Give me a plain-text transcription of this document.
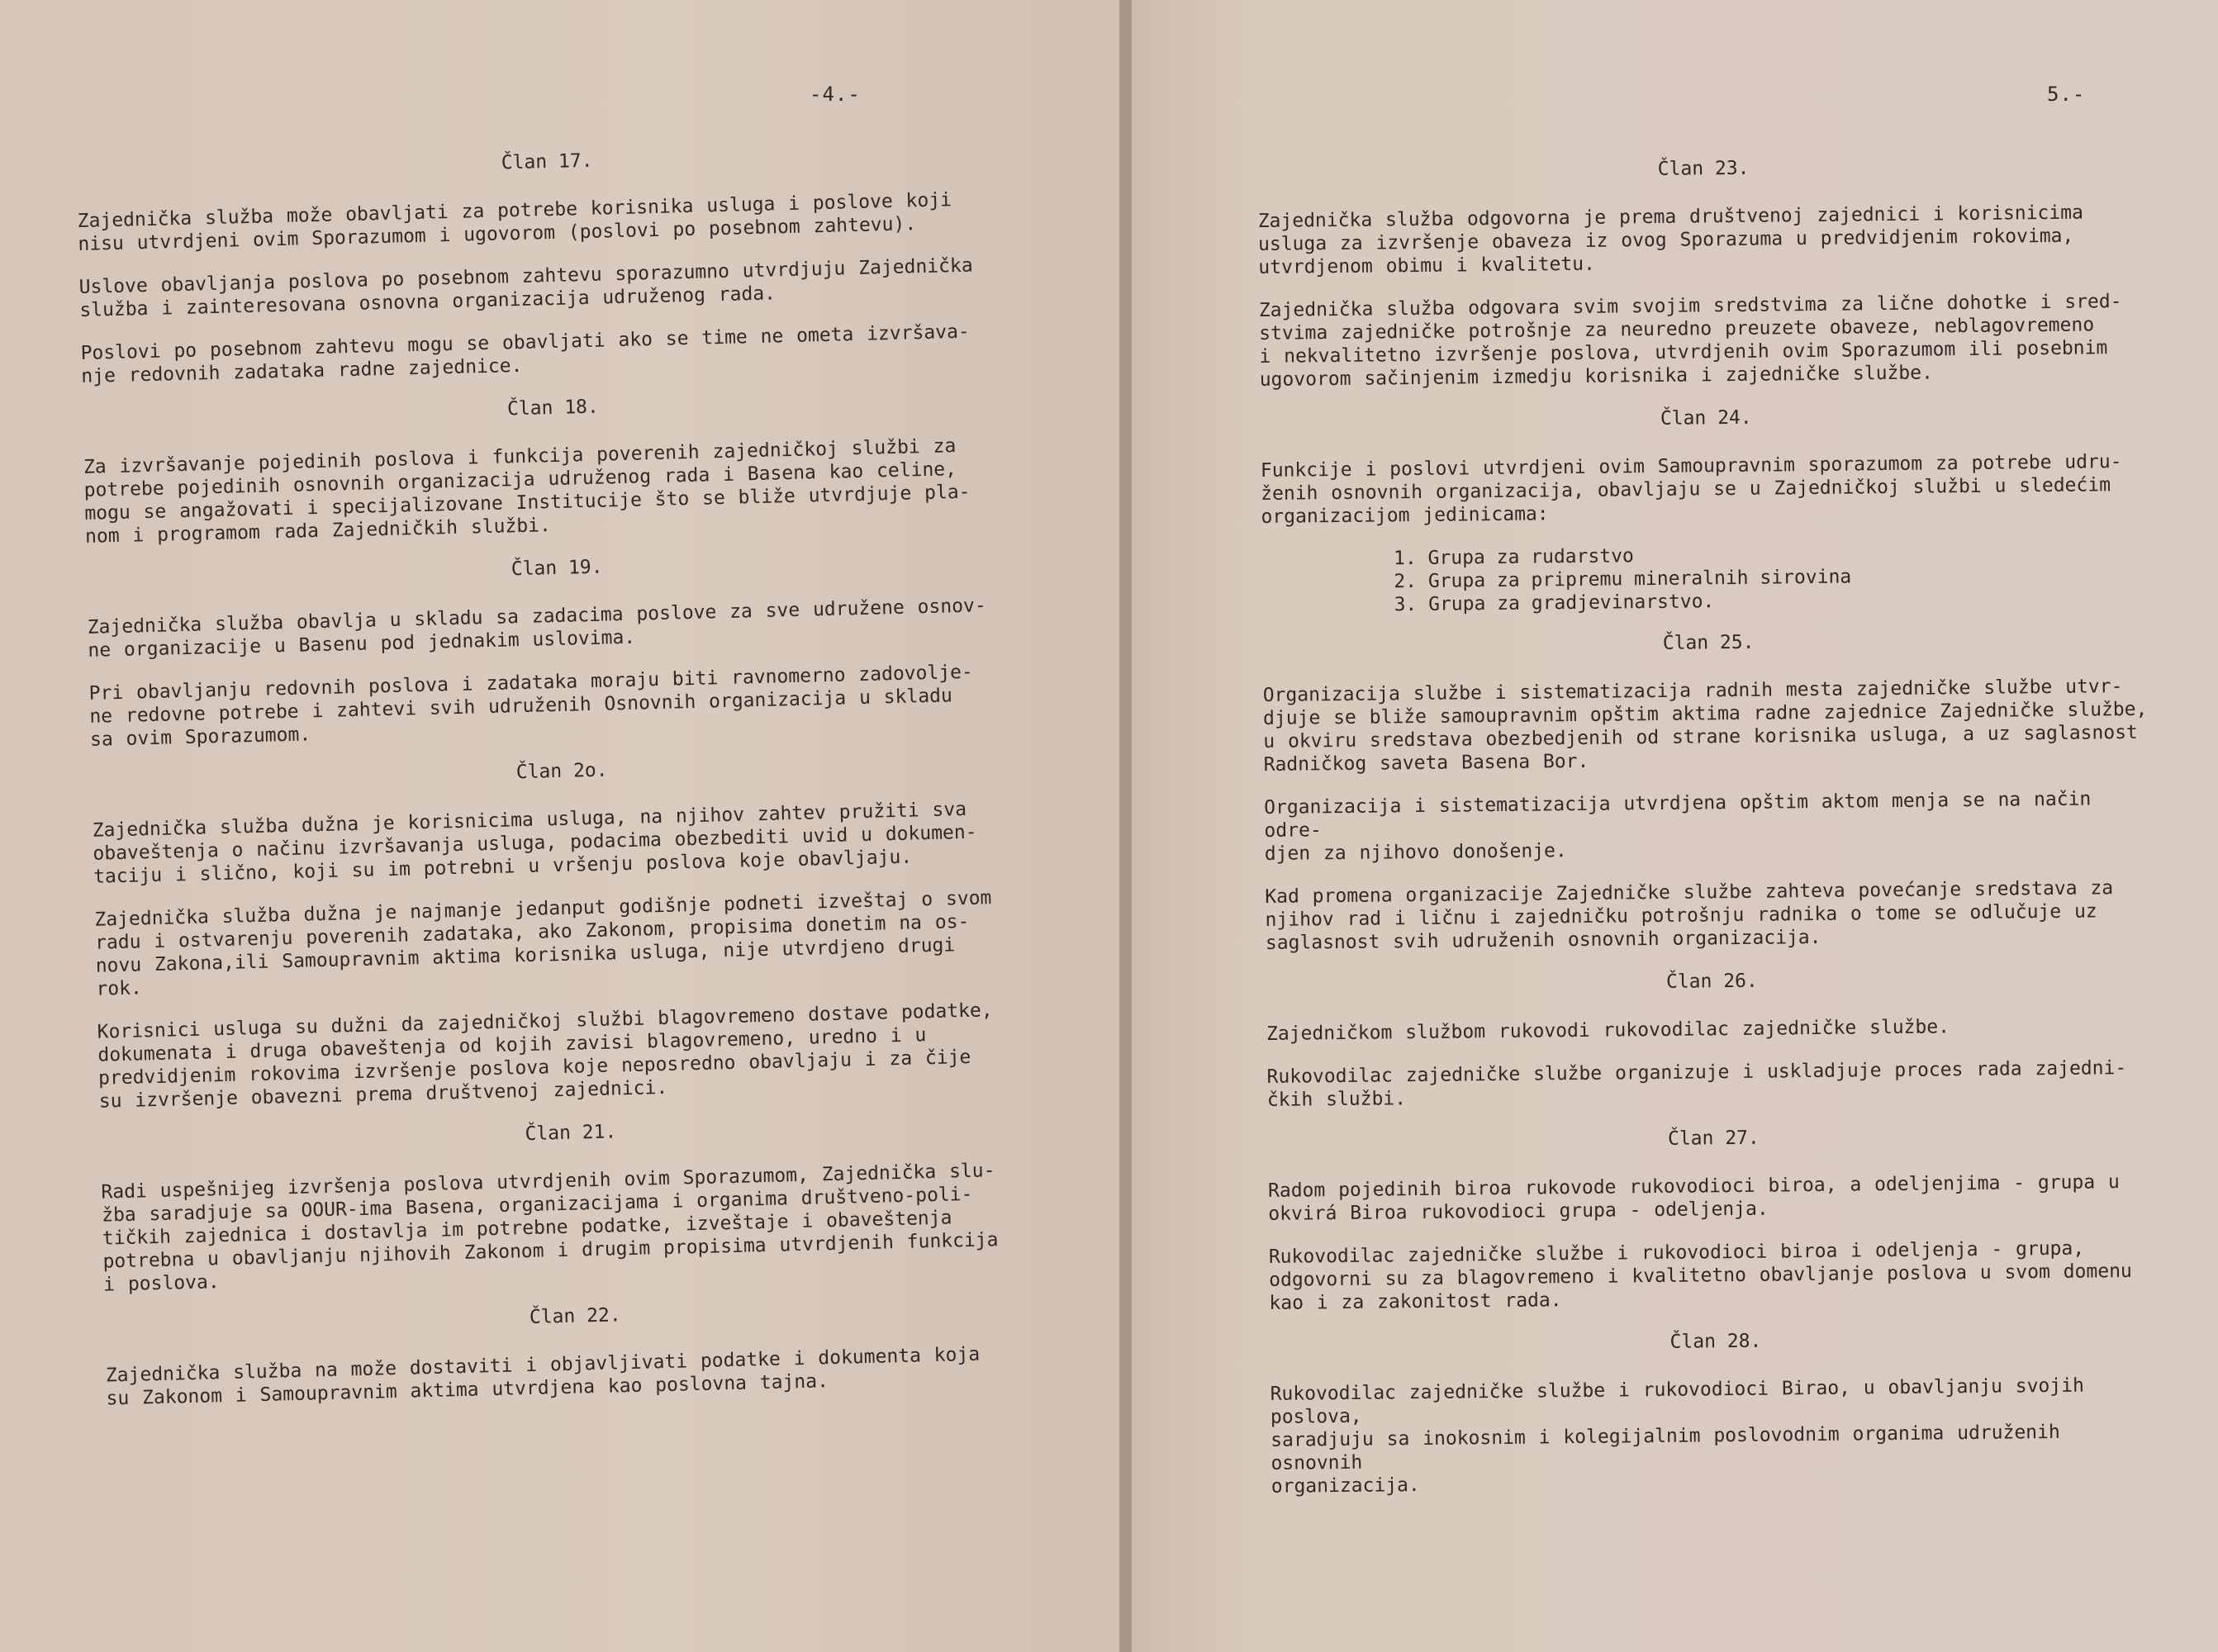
-4.-
Član 17.
Zajednička služba može obavljati za potrebe korisnika usluga i poslove koji
nisu utvrdjeni ovim Sporazumom i ugovorom (poslovi po posebnom zahtevu).
Uslove obavljanja poslova po posebnom zahtevu sporazumno utvrdjuju Zajednička
služba i zainteresovana osnovna organizacija udruženog rada.
Poslovi po posebnom zahtevu mogu se obavljati ako se time ne ometa izvršava-
nje redovnih zadataka radne zajednice.
Član 18.
Za izvršavanje pojedinih poslova i funkcija poverenih zajedničkoj službi za
potrebe pojedinih osnovnih organizacija udruženog rada i Basena kao celine,
mogu se angažovati i specijalizovane Institucije što se bliže utvrdjuje pla-
nom i programom rada Zajedničkih službi.
Član 19.
Zajednička služba obavlja u skladu sa zadacima poslove za sve udružene osnov-
ne organizacije u Basenu pod jednakim uslovima.
Pri obavljanju redovnih poslova i zadataka moraju biti ravnomerno zadovolje-
ne redovne potrebe i zahtevi svih udruženih Osnovnih organizacija u skladu
sa ovim Sporazumom.
Član 2o.
Zajednička služba dužna je korisnicima usluga, na njihov zahtev pružiti sva
obaveštenja o načinu izvršavanja usluga, podacima obezbediti uvid u dokumen-
taciju i slično, koji su im potrebni u vršenju poslova koje obavljaju.
Zajednička služba dužna je najmanje jedanput godišnje podneti izveštaj o svom
radu i ostvarenju poverenih zadataka, ako Zakonom, propisima donetim na os-
novu Zakona,ili Samoupravnim aktima korisnika usluga, nije utvrdjeno drugi
rok.
Korisnici usluga su dužni da zajedničkoj službi blagovremeno dostave podatke,
dokumenata i druga obaveštenja od kojih zavisi blagovremeno, uredno i u
predvidjenim rokovima izvršenje poslova koje neposredno obavljaju i za čije
su izvršenje obavezni prema društvenoj zajednici.
Član 21.
Radi uspešnijeg izvršenja poslova utvrdjenih ovim Sporazumom, Zajednička slu-
žba saradjuje sa OOUR-ima Basena, organizacijama i organima društveno-poli-
tičkih zajednica i dostavlja im potrebne podatke, izveštaje i obaveštenja
potrebna u obavljanju njihovih Zakonom i drugim propisima utvrdjenih funkcija
i poslova.
Član 22.
Zajednička služba na može dostaviti i objavljivati podatke i dokumenta koja
su Zakonom i Samoupravnim aktima utvrdjena kao poslovna tajna.
5.-
Član 23.
Zajednička služba odgovorna je prema društvenoj zajednici i korisnicima
usluga za izvršenje obaveza iz ovog Sporazuma u predvidjenim rokovima,
utvrdjenom obimu i kvalitetu.
Zajednička služba odgovara svim svojim sredstvima za lične dohotke i sred-
stvima zajedničke potrošnje za neuredno preuzete obaveze, neblagovremeno
i nekvalitetno izvršenje poslova, utvrdjenih ovim Sporazumom ili posebnim
ugovorom sačinjenim izmedju korisnika i zajedničke službe.
Član 24.
Funkcije i poslovi utvrdjeni ovim Samoupravnim sporazumom za potrebe udru-
ženih osnovnih organizacija, obavljaju se u Zajedničkoj službi u sledećim
organizacijom jedinicama:
1. Grupa za rudarstvo
2. Grupa za pripremu mineralnih sirovina
3. Grupa za gradjevinarstvo.
Član 25.
Organizacija službe i sistematizacija radnih mesta zajedničke službe utvr-
djuje se bliže samoupravnim opštim aktima radne zajednice Zajedničke službe,
u okviru sredstava obezbedjenih od strane korisnika usluga, a uz saglasnost
Radničkog saveta Basena Bor.
Organizacija i sistematizacija utvrdjena opštim aktom menja se na način odre-
djen za njihovo donošenje.
Kad promena organizacije Zajedničke službe zahteva povećanje sredstava za
njihov rad i ličnu i zajedničku potrošnju radnika o tome se odlučuje uz
saglasnost svih udruženih osnovnih organizacija.
Član 26.
Zajedničkom službom rukovodi rukovodilac zajedničke službe.
Rukovodilac zajedničke službe organizuje i uskladjuje proces rada zajedni-
čkih službi.
Član 27.
Radom pojedinih biroa rukovode rukovodioci biroa, a odeljenjima - grupa u
okvirá Biroa rukovodioci grupa - odeljenja.
Rukovodilac zajedničke službe i rukovodioci biroa i odeljenja - grupa,
odgovorni su za blagovremeno i kvalitetno obavljanje poslova u svom domenu
kao i za zakonitost rada.
Član 28.
Rukovodilac zajedničke službe i rukovodioci Birao, u obavljanju svojih poslova,
saradjuju sa inokosnim i kolegijalnim poslovodnim organima udruženih osnovnih
organizacija.
